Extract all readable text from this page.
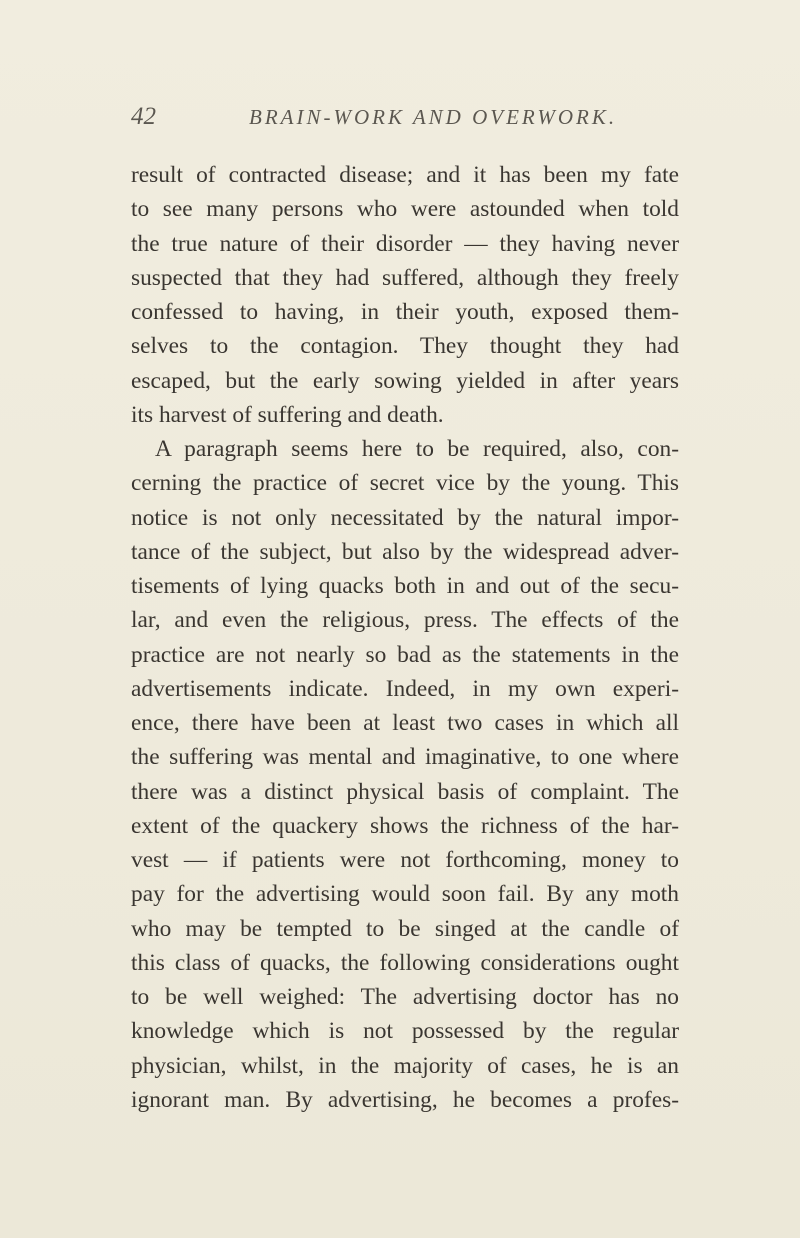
42	BRAIN-WORK AND OVERWORK.
result of contracted disease; and it has been my fate
to see many persons who were astounded when told
the true nature of their disorder — they having never
suspected that they had suffered, although they freely
confessed to having, in their youth, exposed them-
selves to the contagion. They thought they had
escaped, but the early sowing yielded in after years
its harvest of suffering and death.
A paragraph seems here to be required, also, con-
cerning the practice of secret vice by the young. This
notice is not only necessitated by the natural impor-
tance of the subject, but also by the widespread adver-
tisements of lying quacks both in and out of the secu-
lar, and even the religious, press. The effects of the
practice are not nearly so bad as the statements in the
advertisements indicate. Indeed, in my own experi-
ence, there have been at least two cases in which all
the suffering was mental and imaginative, to one where
there was a distinct physical basis of complaint. The
extent of the quackery shows the richness of the har-
vest — if patients were not forthcoming, money to
pay for the advertising would soon fail. By any moth
who may be tempted to be singed at the candle of
this class of quacks, the following considerations ought
to be well weighed: The advertising doctor has no
knowledge which is not possessed by the regular
physician, whilst, in the majority of cases, he is an
ignorant man. By advertising, he becomes a profes-
